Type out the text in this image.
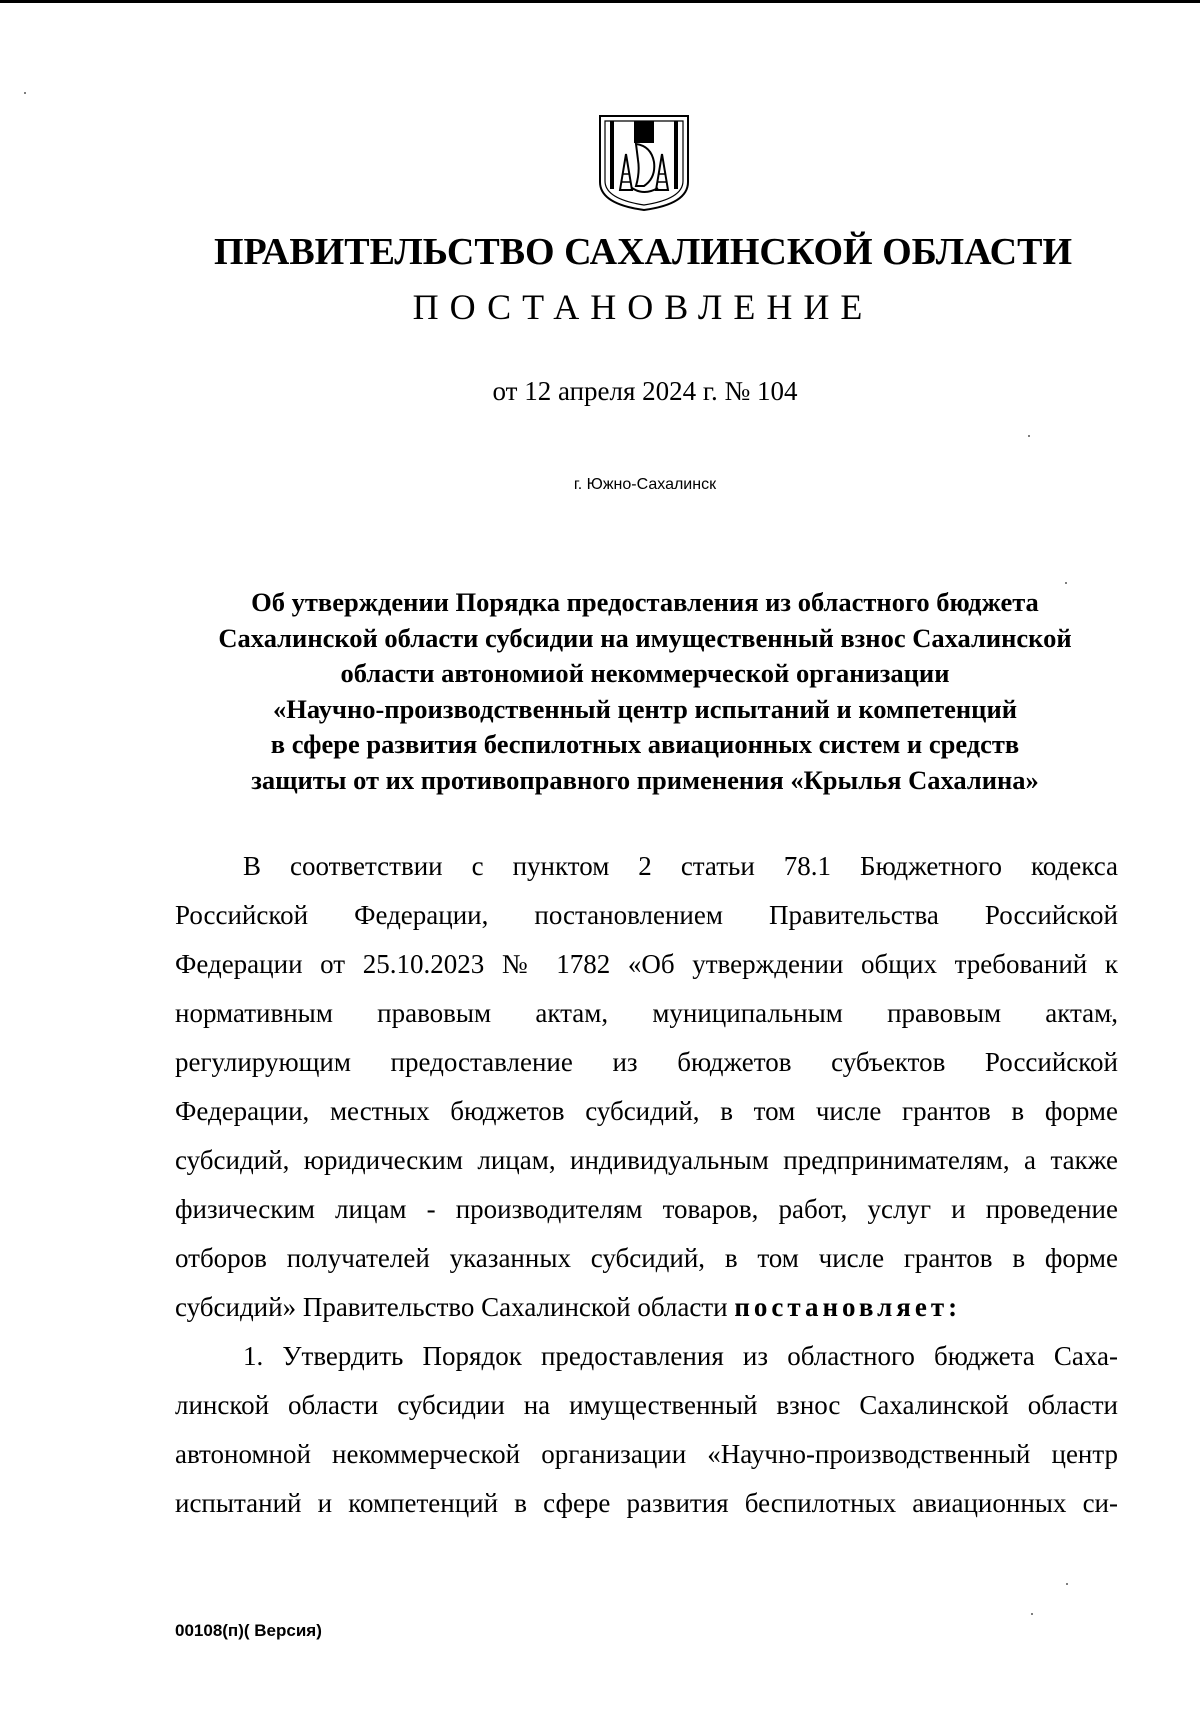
ПРАВИТЕЛЬСТВО САХАЛИНСКОЙ ОБЛАСТИ
ПОСТАНОВЛЕНИЕ
от 12 апреля 2024 г. № 104
г. Южно-Сахалинск
Об утверждении Порядка предоставления из областного бюджета
Сахалинской области субсидии на имущественный взнос Сахалинской
области автономиой некоммерческой организации
«Научно-производственный центр испытаний и компетенций
в сфере развития беспилотных авиационных систем и средств
защиты от их противоправного применения «Крылья Сахалина»
В соответствии с пунктом 2 статьи 78.1 Бюджетного кодекса
Российской Федерации, постановлением Правительства Российской
Федерации от 25.10.2023 № 1782 «Об утверждении общих требований к
нормативным правовым актам, муниципальным правовым актам,
регулирующим предоставление из бюджетов субъектов Российской
Федерации, местных бюджетов субсидий, в том числе грантов в форме
субсидий, юридическим лицам, индивидуальным предпринимателям, а также
физическим лицам - производителям товаров, работ, услуг и проведение
отборов получателей указанных субсидий, в том числе грантов в форме
субсидий» Правительство Сахалинской области постановляет:
1. Утвердить Порядок предоставления из областного бюджета Саха-
линской области субсидии на имущественный взнос Сахалинской области
автономной некоммерческой организации «Научно-производственный центр
испытаний и компетенций в сфере развития беспилотных авиационных си-
00108(п)( Версия)
